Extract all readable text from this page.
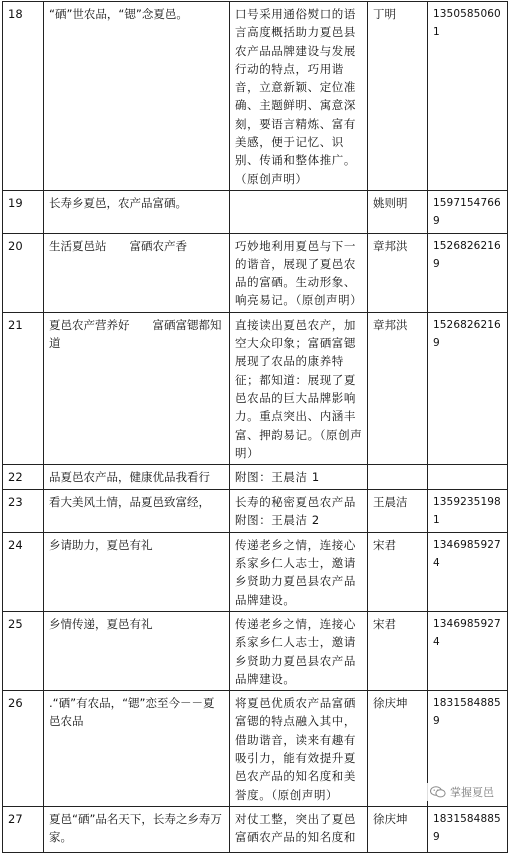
18	“硒”世农品，“锶”念夏邑。	口号采用通俗熨口的语言高度概括助力夏邑县农产品品牌建设与发展行动的特点，巧用谐音，立意新颖、定位准确、主题鲜明、寓意深刻，要语言精炼、富有美感，便于记忆、识别、传诵和整体推广。（原创声明）	丁明	13505850601
19	长寿乡夏邑，农产品富硒。		姚则明	15971547669
20	生活夏邑站　　富硒农产香	巧妙地利用夏邑与下一的谐音，展现了夏邑农品的富硒。生动形象、响亮易记。（原创声明）	章邦洪	15268262169
21	夏邑农产营养好　　富硒富锶都知道	直接读出夏邑农产，加空大众印象；富硒富锶展现了农品的康养特征；都知道：展现了夏邑农品的巨大品牌影响力。重点突出、内涵丰富、押韵易记。（原创声明）	章邦洪	15268262169
22	品夏邑农产品，健康优品我看行	附图：王晨洁 1		
23	看大美风土情，品夏邑致富经，	长寿的秘密夏邑农产品附图：王晨洁 2	王晨洁	13592351981
24	乡请助力，夏邑有礼	传递老乡之情，连接心系家乡仁人志士，邀请乡贤助力夏邑县农产品品牌建设。	宋君	13469859274
25	乡情传递，夏邑有礼	传递老乡之情，连接心系家乡仁人志士，邀请乡贤助力夏邑县农产品品牌建设。	宋君	13469859274
26	.“硒”有农品，“锶”恋至今－－夏邑农品	将夏邑优质农产品富硒富锶的特点融入其中，借助谐音，读来有趣有吸引力，能有效提升夏邑农产品的知名度和美誉度。（原创声明）	徐庆坤	18315848859
27	夏邑“硒”品名天下，长寿之乡寿万家。	对仗工整，突出了夏邑富硒农产品的知名度和	徐庆坤	18315848859
掌握夏邑
